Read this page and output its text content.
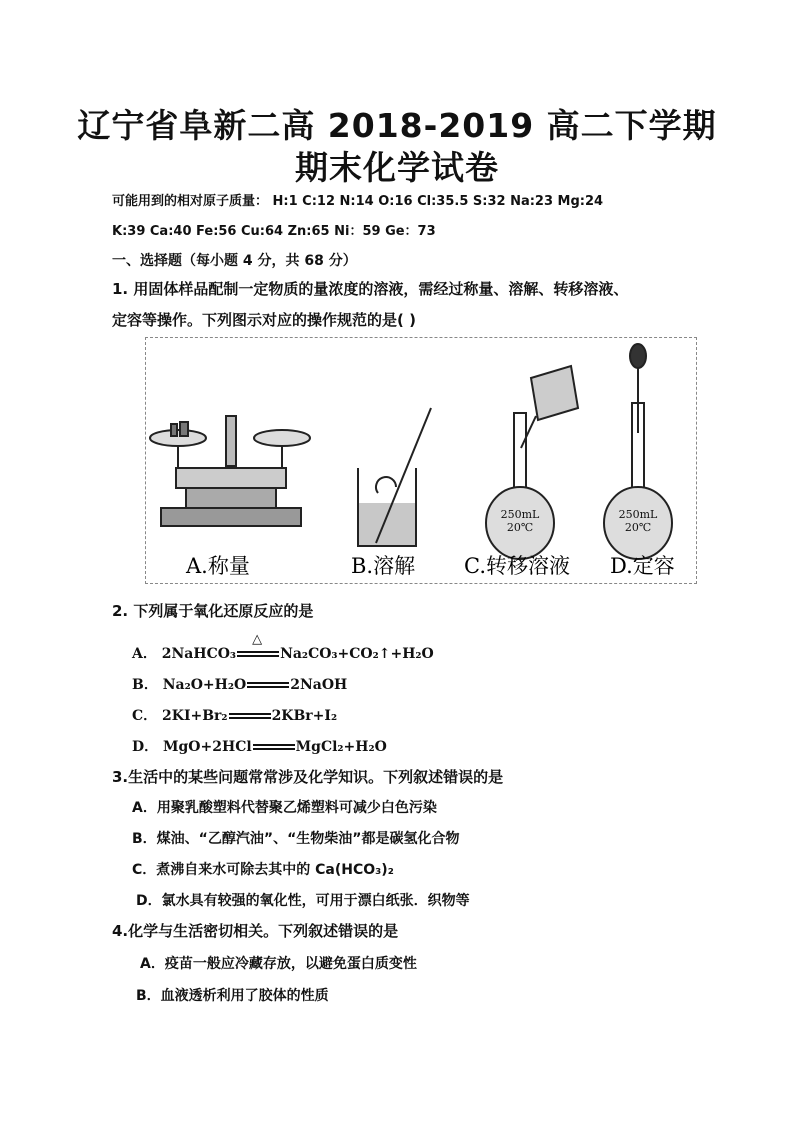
辽宁省阜新二高 2018-2019 高二下学期
期末化学试卷
可能用到的相对原子质量： H:1 C:12 N:14 O:16 Cl:35.5 S:32 Na:23 Mg:24
K:39 Ca:40 Fe:56 Cu:64 Zn:65 Ni：59 Ge：73
一、选择题（每小题 4 分，共 68 分）
1. 用固体样品配制一定物质的量浓度的溶液，需经过称量、溶解、转移溶液、
定容等操作。下列图示对应的操作规范的是( )
250mL
20℃
250mL
20℃
A.称量	B.溶解 C.转移溶液 D.定容
2. 下列属于氧化还原反应的是
A． 2NaHCO₃
△
Na₂CO₃+CO₂↑+H₂O
B． Na₂O+H₂O	2NaOH
C． 2KI+Br₂	2KBr+I₂
D． MgO+2HCl	MgCl₂+H₂O
3.生活中的某些问题常常涉及化学知识。下列叙述错误的是
A．用聚乳酸塑料代替聚乙烯塑料可减少白色污染
B．煤油、“乙醇汽油”、“生物柴油”都是碳氢化合物
C．煮沸自来水可除去其中的 Ca(HCO₃)₂
D．氯水具有较强的氧化性，可用于漂白纸张．织物等
4.化学与生活密切相关。下列叙述错误的是
A．疫苗一般应冷藏存放，以避免蛋白质变性
B．血液透析利用了胶体的性质
